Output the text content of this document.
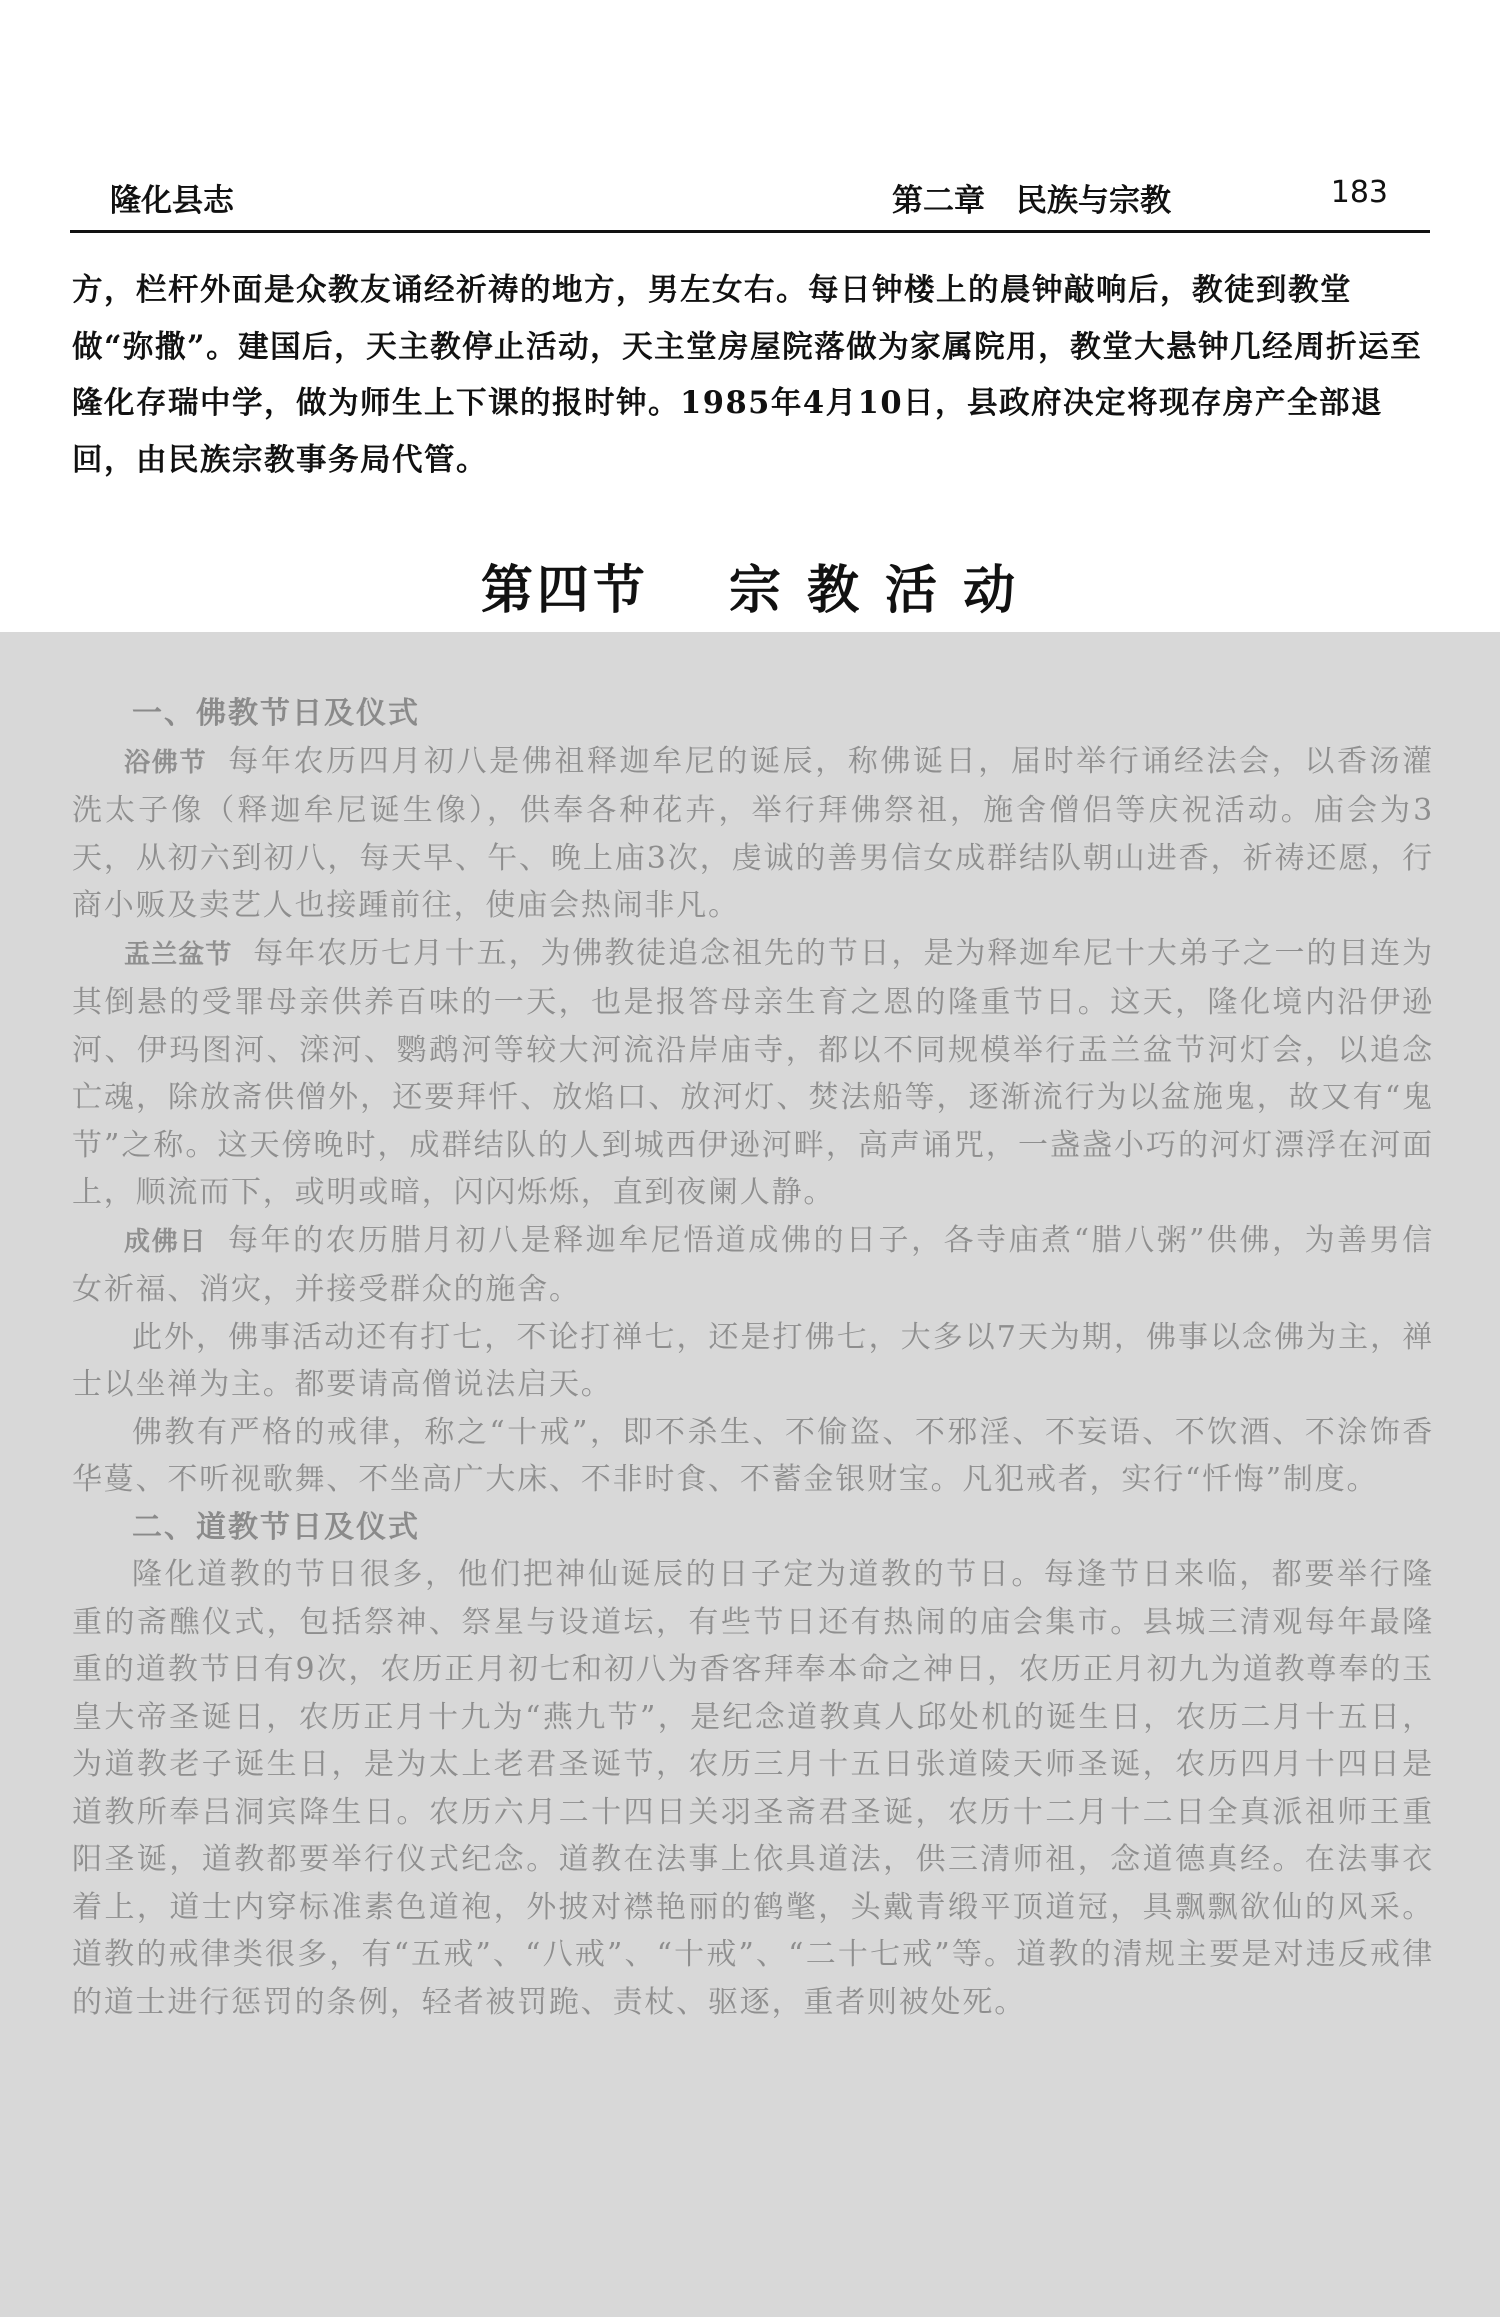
隆化县志	第二章　民族与宗教	183

方，栏杆外面是众教友诵经祈祷的地方，男左女右。每日钟楼上的晨钟敲响后，教徒到教堂做“弥撒”。建国后，天主教停止活动，天主堂房屋院落做为家属院用，教堂大悬钟几经周折运至隆化存瑞中学，做为师生上下课的报时钟。1985年4月10日，县政府决定将现存房产全部退回，由民族宗教事务局代管。

第四节 宗 教 活 动
一、佛教节日及仪式

浴佛节 每年农历四月初八是佛祖释迦牟尼的诞辰，称佛诞日，届时举行诵经法会，以香汤灌洗太子像（释迦牟尼诞生像），供奉各种花卉，举行拜佛祭祖，施舍僧侣等庆祝活动。庙会为3天，从初六到初八，每天早、午、晚上庙3次，虔诚的善男信女成群结队朝山进香，祈祷还愿，行商小贩及卖艺人也接踵前往，使庙会热闹非凡。

盂兰盆节 每年农历七月十五，为佛教徒追念祖先的节日，是为释迦牟尼十大弟子之一的目连为其倒悬的受罪母亲供养百味的一天，也是报答母亲生育之恩的隆重节日。这天，隆化境内沿伊逊河、伊玛图河、滦河、鹦鹉河等较大河流沿岸庙寺，都以不同规模举行盂兰盆节河灯会，以追念亡魂，除放斋供僧外，还要拜忏、放焰口、放河灯、焚法船等，逐渐流行为以盆施鬼，故又有“鬼节”之称。这天傍晚时，成群结队的人到城西伊逊河畔，高声诵咒，一盏盏小巧的河灯漂浮在河面上，顺流而下，或明或暗，闪闪烁烁，直到夜阑人静。

成佛日 每年的农历腊月初八是释迦牟尼悟道成佛的日子，各寺庙煮“腊八粥”供佛，为善男信女祈福、消灾，并接受群众的施舍。

此外，佛事活动还有打七，不论打禅七，还是打佛七，大多以7天为期，佛事以念佛为主，禅士以坐禅为主。都要请高僧说法启天。

佛教有严格的戒律，称之“十戒”，即不杀生、不偷盗、不邪淫、不妄语、不饮酒、不涂饰香华蔓、不听视歌舞、不坐高广大床、不非时食、不蓄金银财宝。凡犯戒者，实行“忏悔”制度。

二、道教节日及仪式

隆化道教的节日很多，他们把神仙诞辰的日子定为道教的节日。每逢节日来临，都要举行隆重的斋醮仪式，包括祭神、祭星与设道坛，有些节日还有热闹的庙会集市。县城三清观每年最隆重的道教节日有9次，农历正月初七和初八为香客拜奉本命之神日，农历正月初九为道教尊奉的玉皇大帝圣诞日，农历正月十九为“燕九节”，是纪念道教真人邱处机的诞生日，农历二月十五日，为道教老子诞生日，是为太上老君圣诞节，农历三月十五日张道陵天师圣诞，农历四月十四日是道教所奉吕洞宾降生日。农历六月二十四日关羽圣斋君圣诞，农历十二月十二日全真派祖师王重阳圣诞，道教都要举行仪式纪念。道教在法事上依具道法，供三清师祖，念道德真经。在法事衣着上，道士内穿标准素色道袍，外披对襟艳丽的鹤氅，头戴青缎平顶道冠，具飘飘欲仙的风采。道教的戒律类很多，有“五戒”、“八戒”、“十戒”、“二十七戒”等。道教的清规主要是对违反戒律的道士进行惩罚的条例，轻者被罚跪、责杖、驱逐，重者则被处死。
